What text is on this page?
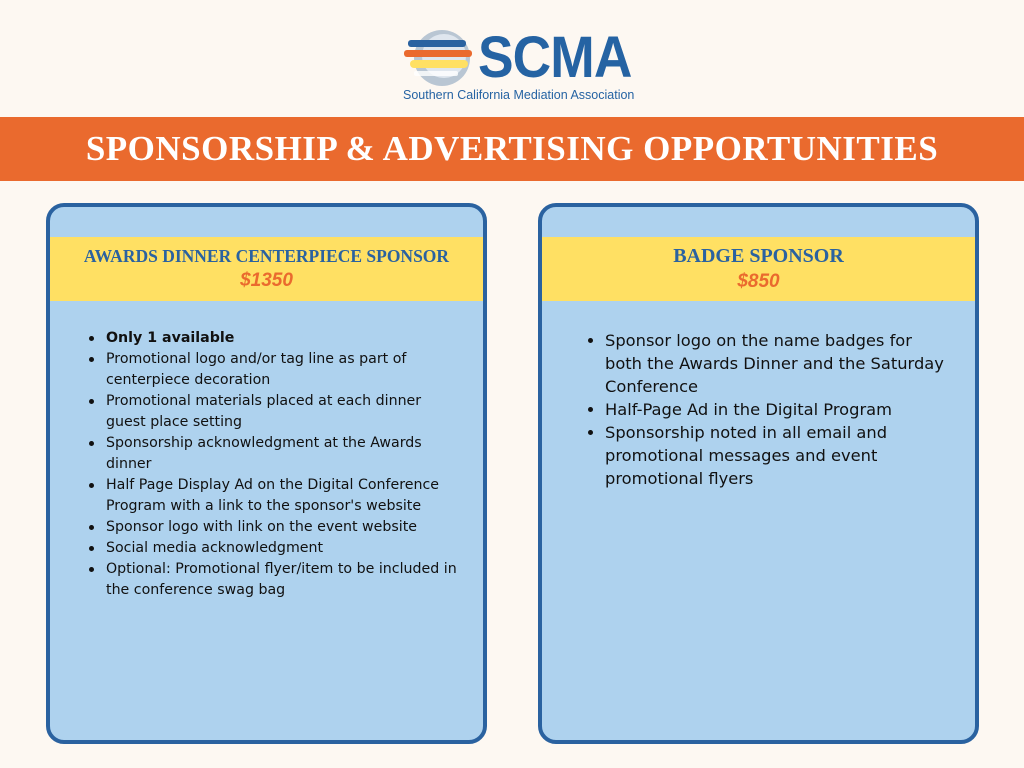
SCMA
Southern California Mediation Association
SPONSORSHIP & ADVERTISING OPPORTUNITIES
AWARDS DINNER CENTERPIECE SPONSOR
$1350
Only 1 available
Promotional logo and/or tag line as part of centerpiece decoration
Promotional materials placed at each dinner guest place setting
Sponsorship acknowledgment at the Awards dinner
Half Page Display Ad on the Digital Conference Program with a link to the sponsor's website
Sponsor logo with link on the event website
Social media acknowledgment
Optional: Promotional flyer/item to be included in the conference swag bag
BADGE SPONSOR
$850
Sponsor logo on the name badges for both the Awards Dinner and the Saturday Conference
Half-Page Ad in the Digital Program
Sponsorship noted in all email and promotional messages and event promotional flyers
